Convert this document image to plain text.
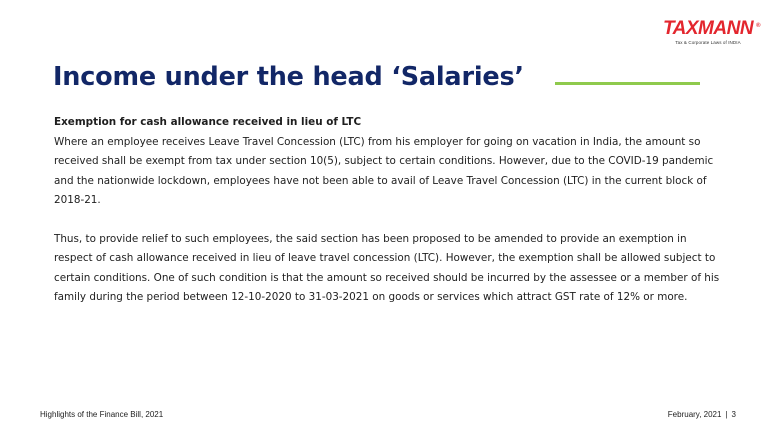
TAXMANN ®
Tax & Corporate Laws of INDIA
Income under the head ‘Salaries’

Exemption for cash allowance received in lieu of LTC

Where an employee receives Leave Travel Concession (LTC) from his employer for going on vacation in India, the amount so received shall be exempt from tax under section 10(5), subject to certain conditions. However, due to the COVID-19 pandemic and the nationwide lockdown, employees have not been able to avail of Leave Travel Concession (LTC) in the current block of 2018-21.

Thus, to provide relief to such employees, the said section has been proposed to be amended to provide an exemption in respect of cash allowance received in lieu of leave travel concession (LTC). However, the exemption shall be allowed subject to certain conditions. One of such condition is that the amount so received should be incurred by the assessee or a member of his family during the period between 12-10-2020 to 31-03-2021 on goods or services which attract GST rate of 12% or more.

Highlights of the Finance Bill, 2021	February, 2021 | 3
